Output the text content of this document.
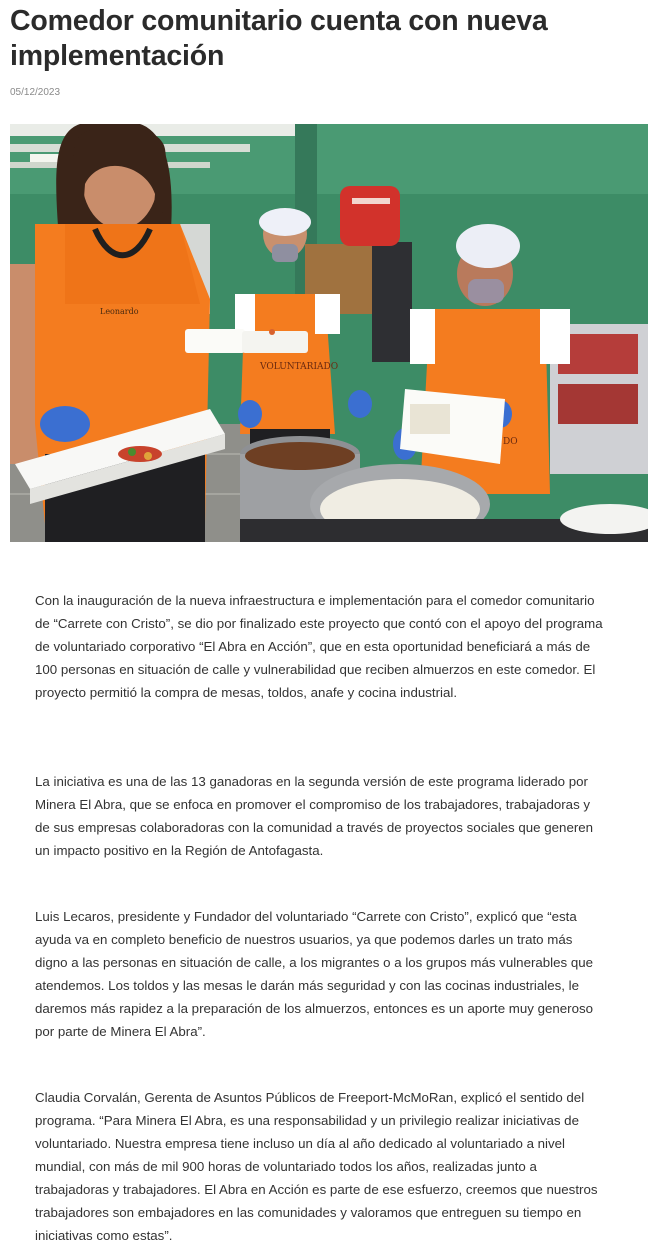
Comedor comunitario cuenta con nueva implementación
05/12/2023
Leonardo
VOLUNTARIADO
DO

Con la inauguración de la nueva infraestructura e implementación para el comedor comunitario de “Carrete con Cristo”, se dio por finalizado este proyecto que contó con el apoyo del programa de voluntariado corporativo “El Abra en Acción”, que en esta oportunidad beneficiará a más de 100 personas en situación de calle y vulnerabilidad que reciben almuerzos en este comedor. El proyecto permitió la compra de mesas, toldos, anafe y cocina industrial.

La iniciativa es una de las 13 ganadoras en la segunda versión de este programa liderado por Minera El Abra, que se enfoca en promover el compromiso de los trabajadores, trabajadoras y de sus empresas colaboradoras con la comunidad a través de proyectos sociales que generen un impacto positivo en la Región de Antofagasta.

Luis Lecaros, presidente y Fundador del voluntariado “Carrete con Cristo”, explicó que “esta ayuda va en completo beneficio de nuestros usuarios, ya que podemos darles un trato más digno a las personas en situación de calle, a los migrantes o a los grupos más vulnerables que atendemos. Los toldos y las mesas le darán más seguridad y con las cocinas industriales, le daremos más rapidez a la preparación de los almuerzos, entonces es un aporte muy generoso por parte de Minera El Abra”.

Claudia Corvalán, Gerenta de Asuntos Públicos de Freeport-McMoRan, explicó el sentido del programa. “Para Minera El Abra, es una responsabilidad y un privilegio realizar iniciativas de voluntariado. Nuestra empresa tiene incluso un día al año dedicado al voluntariado a nivel mundial, con más de mil 900 horas de voluntariado todos los años, realizadas junto a trabajadoras y trabajadores. El Abra en Acción es parte de ese esfuerzo, creemos que nuestros trabajadores son embajadores en las comunidades y valoramos que entreguen su tiempo en iniciativas como estas”.
